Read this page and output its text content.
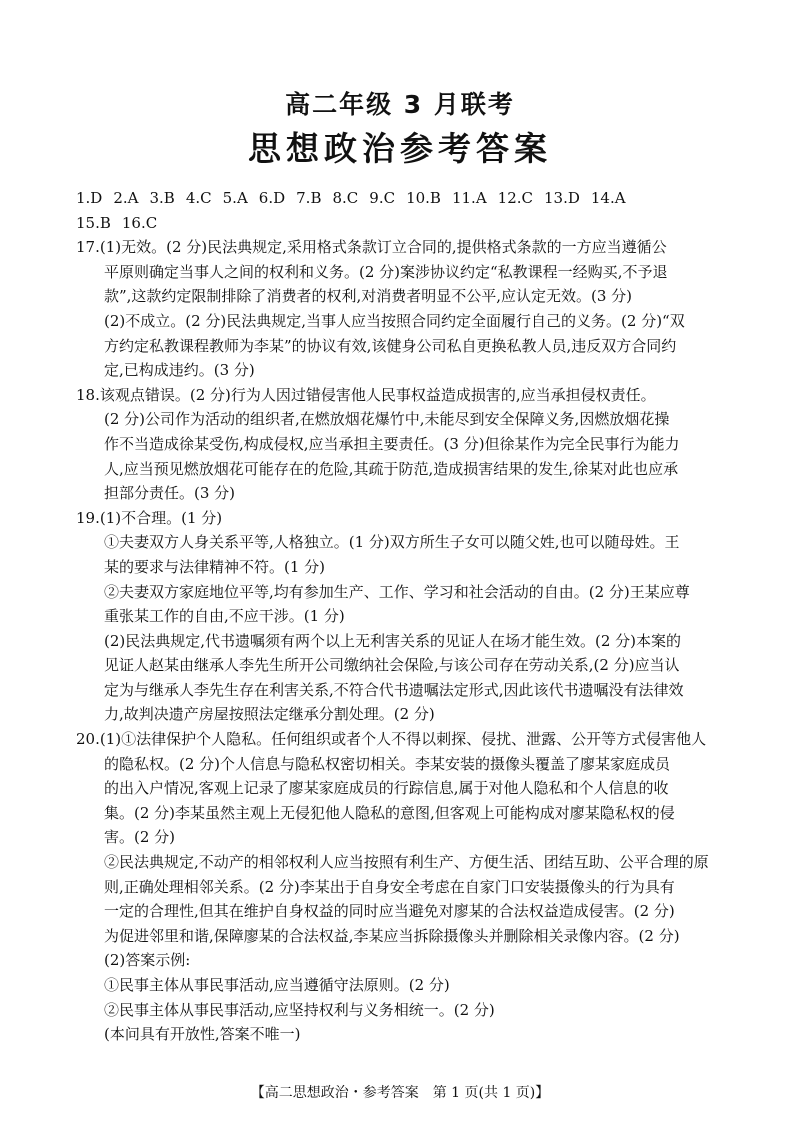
高二年级 3 月联考
思想政治参考答案
1.D 2.A 3.B 4.C 5.A 6.D 7.B 8.C 9.C 10.B 11.A 12.C 13.D 14.A
15.B 16.C
17.(1)无效。(2 分)民法典规定,采用格式条款订立合同的,提供格式条款的一方应当遵循公
平原则确定当事人之间的权利和义务。(2 分)案涉协议约定“私教课程一经购买,不予退
款”,这款约定限制排除了消费者的权利,对消费者明显不公平,应认定无效。(3 分)
(2)不成立。(2 分)民法典规定,当事人应当按照合同约定全面履行自己的义务。(2 分)“双
方约定私教课程教师为李某”的协议有效,该健身公司私自更换私教人员,违反双方合同约
定,已构成违约。(3 分)
18.该观点错误。(2 分)行为人因过错侵害他人民事权益造成损害的,应当承担侵权责任。
(2 分)公司作为活动的组织者,在燃放烟花爆竹中,未能尽到安全保障义务,因燃放烟花操
作不当造成徐某受伤,构成侵权,应当承担主要责任。(3 分)但徐某作为完全民事行为能力
人,应当预见燃放烟花可能存在的危险,其疏于防范,造成损害结果的发生,徐某对此也应承
担部分责任。(3 分)
19.(1)不合理。(1 分)
①夫妻双方人身关系平等,人格独立。(1 分)双方所生子女可以随父姓,也可以随母姓。王
某的要求与法律精神不符。(1 分)
②夫妻双方家庭地位平等,均有参加生产、工作、学习和社会活动的自由。(2 分)王某应尊
重张某工作的自由,不应干涉。(1 分)
(2)民法典规定,代书遗嘱须有两个以上无利害关系的见证人在场才能生效。(2 分)本案的
见证人赵某由继承人李先生所开公司缴纳社会保险,与该公司存在劳动关系,(2 分)应当认
定为与继承人李先生存在利害关系,不符合代书遗嘱法定形式,因此该代书遗嘱没有法律效
力,故判决遗产房屋按照法定继承分割处理。(2 分)
20.(1)①法律保护个人隐私。任何组织或者个人不得以刺探、侵扰、泄露、公开等方式侵害他人
的隐私权。(2 分)个人信息与隐私权密切相关。李某安装的摄像头覆盖了廖某家庭成员
的出入户情况,客观上记录了廖某家庭成员的行踪信息,属于对他人隐私和个人信息的收
集。(2 分)李某虽然主观上无侵犯他人隐私的意图,但客观上可能构成对廖某隐私权的侵
害。(2 分)
②民法典规定,不动产的相邻权利人应当按照有利生产、方便生活、团结互助、公平合理的原
则,正确处理相邻关系。(2 分)李某出于自身安全考虑在自家门口安装摄像头的行为具有
一定的合理性,但其在维护自身权益的同时应当避免对廖某的合法权益造成侵害。(2 分)
为促进邻里和谐,保障廖某的合法权益,李某应当拆除摄像头并删除相关录像内容。(2 分)
(2)答案示例:
①民事主体从事民事活动,应当遵循守法原则。(2 分)
②民事主体从事民事活动,应坚持权利与义务相统一。(2 分)
(本问具有开放性,答案不唯一)
【高二思想政治・参考答案　第 1 页(共 1 页)】
